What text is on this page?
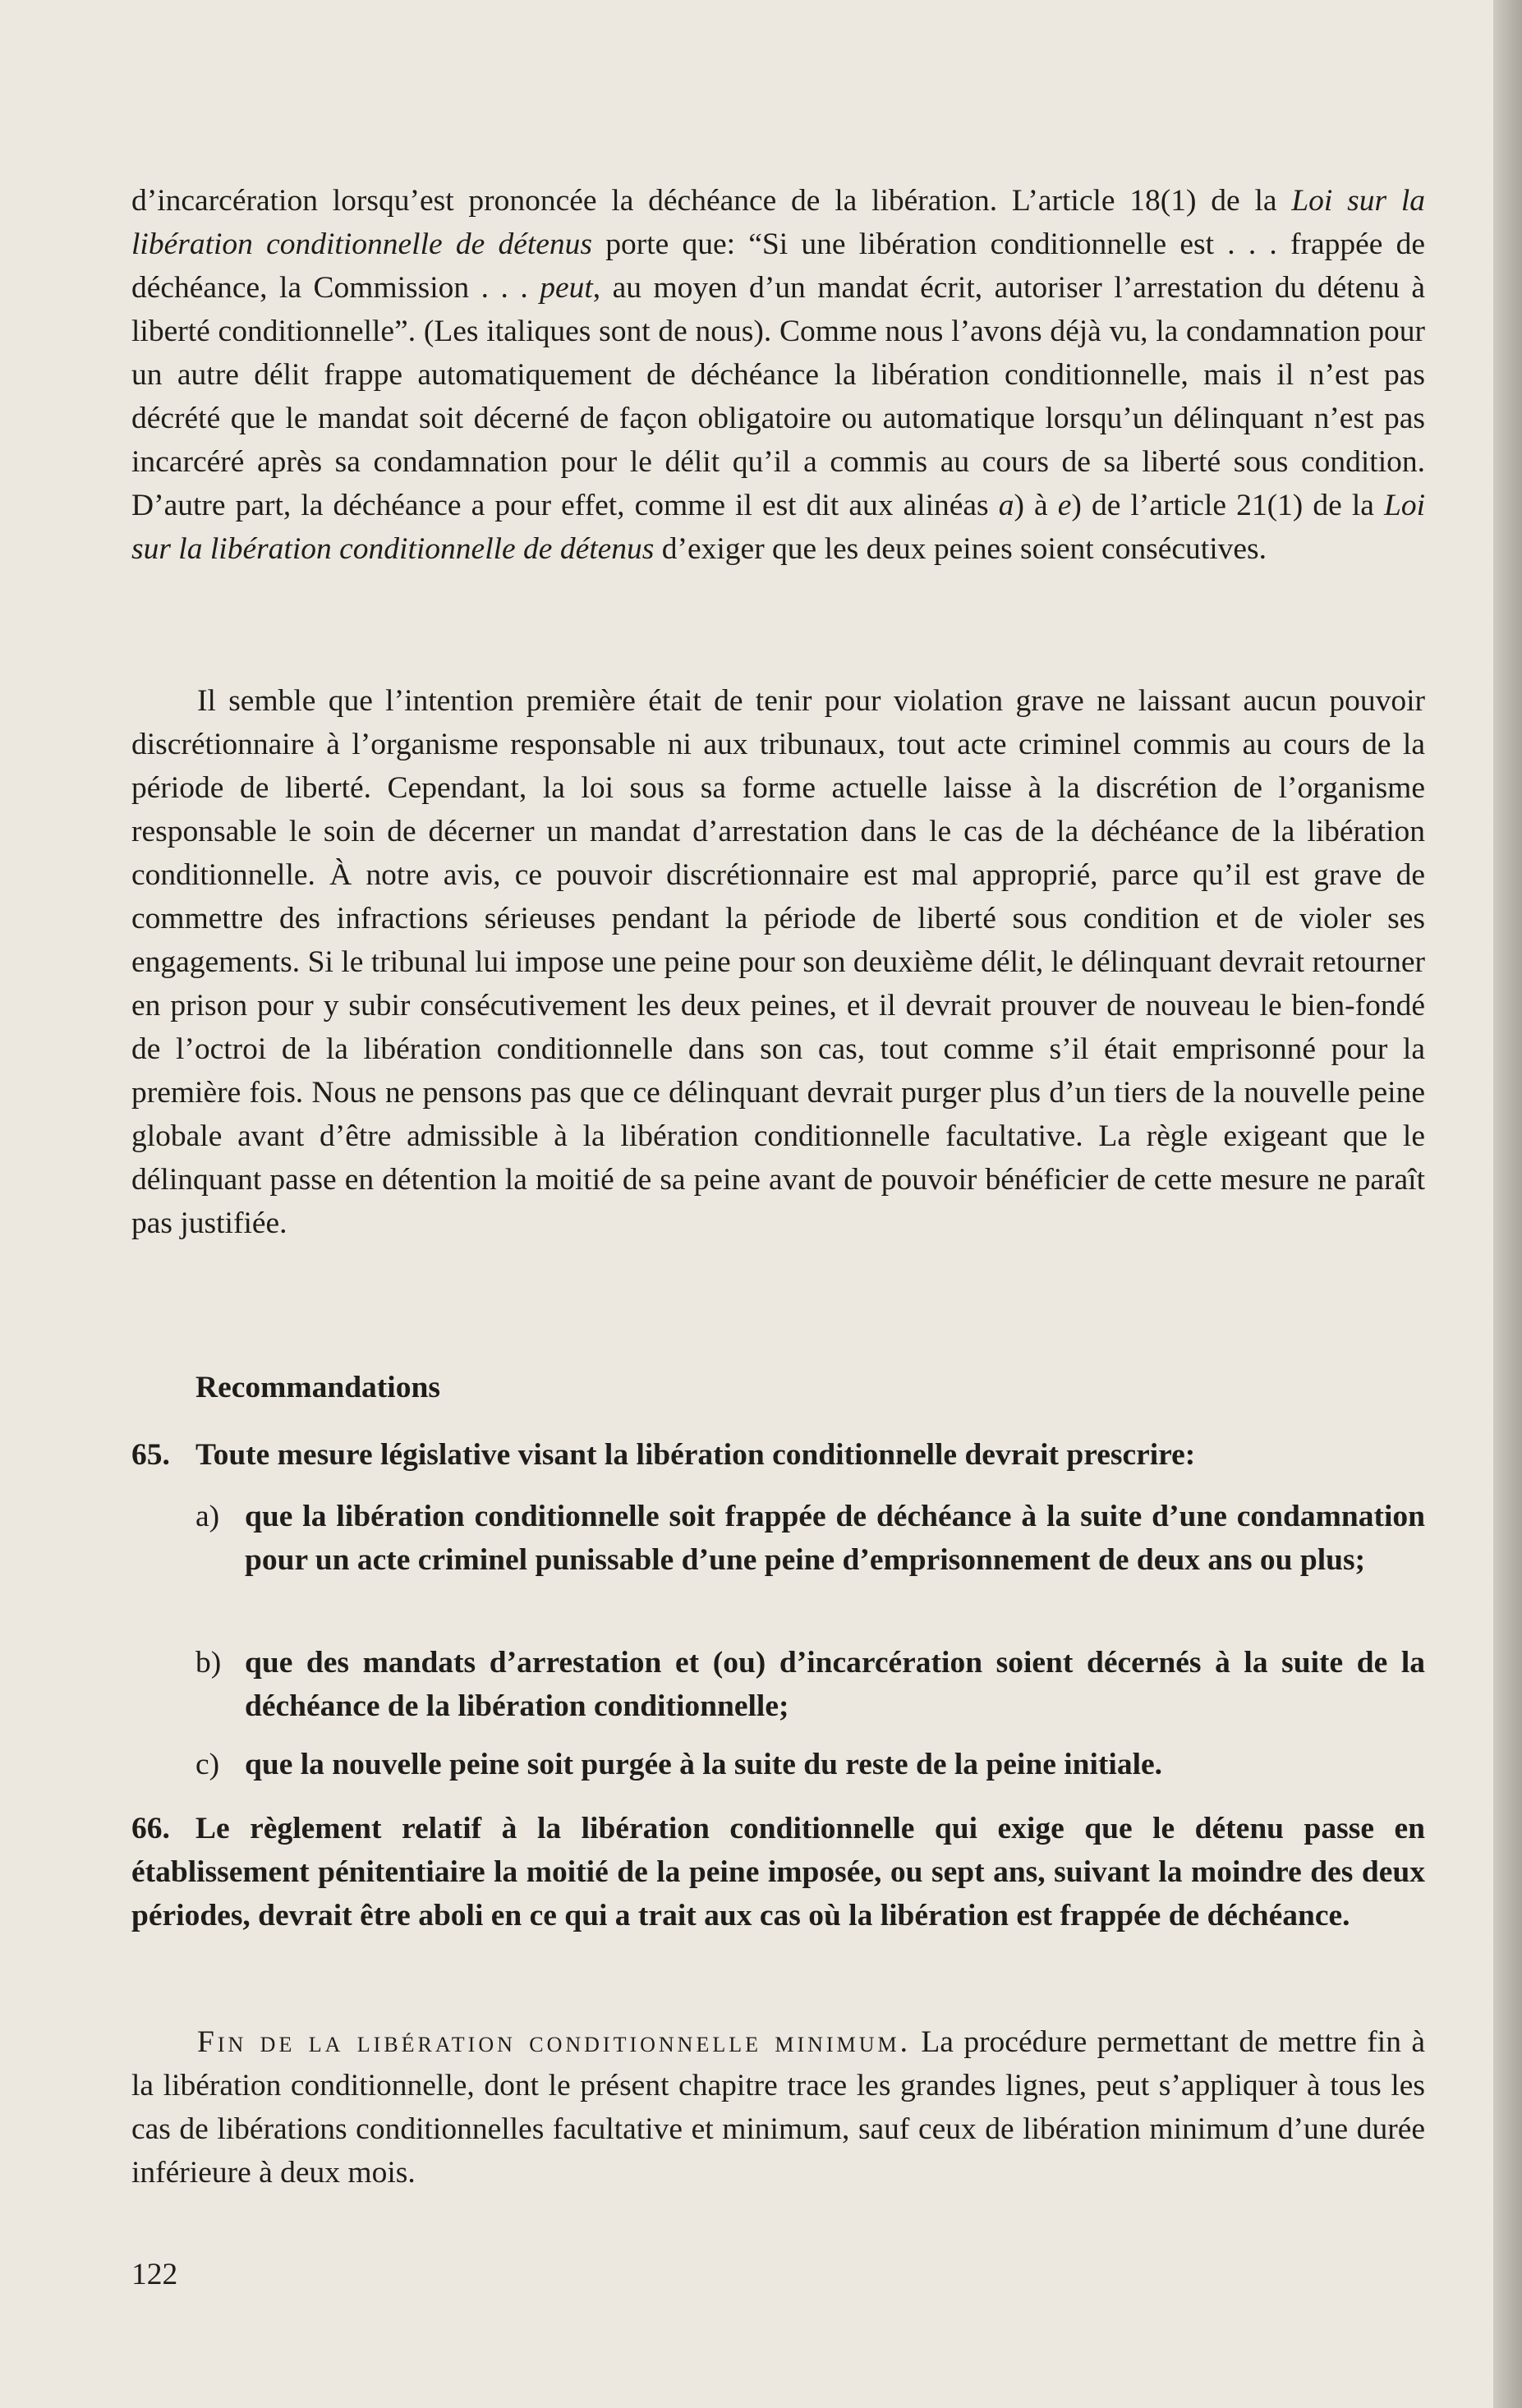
d’incarcération lorsqu’est prononcée la déchéance de la libération. L’article 18(1) de la Loi sur la libération conditionnelle de détenus porte que: “Si une libération conditionnelle est . . . frappée de déchéance, la Commission . . . peut, au moyen d’un mandat écrit, autoriser l’arrestation du détenu à liberté conditionnelle”. (Les italiques sont de nous). Comme nous l’avons déjà vu, la condamnation pour un autre délit frappe automatiquement de déchéance la libération conditionnelle, mais il n’est pas décrété que le mandat soit décerné de façon obligatoire ou automatique lorsqu’un délinquant n’est pas incarcéré après sa condamnation pour le délit qu’il a commis au cours de sa liberté sous condition. D’autre part, la déchéance a pour effet, comme il est dit aux alinéas a) à e) de l’article 21(1) de la Loi sur la libération conditionnelle de détenus d’exiger que les deux peines soient consécutives.

Il semble que l’intention première était de tenir pour violation grave ne laissant aucun pouvoir discrétionnaire à l’organisme responsable ni aux tribunaux, tout acte criminel commis au cours de la période de liberté. Cependant, la loi sous sa forme actuelle laisse à la discrétion de l’organisme responsable le soin de décerner un mandat d’arrestation dans le cas de la déchéance de la libération conditionnelle. À notre avis, ce pouvoir discrétionnaire est mal approprié, parce qu’il est grave de commettre des infractions sérieuses pendant la période de liberté sous condition et de violer ses engagements. Si le tribunal lui impose une peine pour son deuxième délit, le délinquant devrait retourner en prison pour y subir consécutivement les deux peines, et il devrait prouver de nouveau le bien-fondé de l’octroi de la libération conditionnelle dans son cas, tout comme s’il était emprisonné pour la première fois. Nous ne pensons pas que ce délinquant devrait purger plus d’un tiers de la nouvelle peine globale avant d’être admissible à la libération conditionnelle facultative. La règle exigeant que le délinquant passe en détention la moitié de sa peine avant de pouvoir bénéficier de cette mesure ne paraît pas justifiée.

Recommandations
65. Toute mesure législative visant la libération conditionnelle devrait prescrire:
a) que la libération conditionnelle soit frappée de déchéance à la suite d’une condamnation pour un acte criminel punissable d’une peine d’emprisonnement de deux ans ou plus;
b) que des mandats d’arrestation et (ou) d’incarcération soient décernés à la suite de la déchéance de la libération conditionnelle;
c) que la nouvelle peine soit purgée à la suite du reste de la peine initiale.

66. Le règlement relatif à la libération conditionnelle qui exige que le détenu passe en établissement pénitentiaire la moitié de la peine imposée, ou sept ans, suivant la moindre des deux périodes, devrait être aboli en ce qui a trait aux cas où la libération est frappée de déchéance.

Fin de la libération conditionnelle minimum. La procédure permettant de mettre fin à la libération conditionnelle, dont le présent chapitre trace les grandes lignes, peut s’appliquer à tous les cas de libérations conditionnelles facultative et minimum, sauf ceux de libération minimum d’une durée inférieure à deux mois.

122
